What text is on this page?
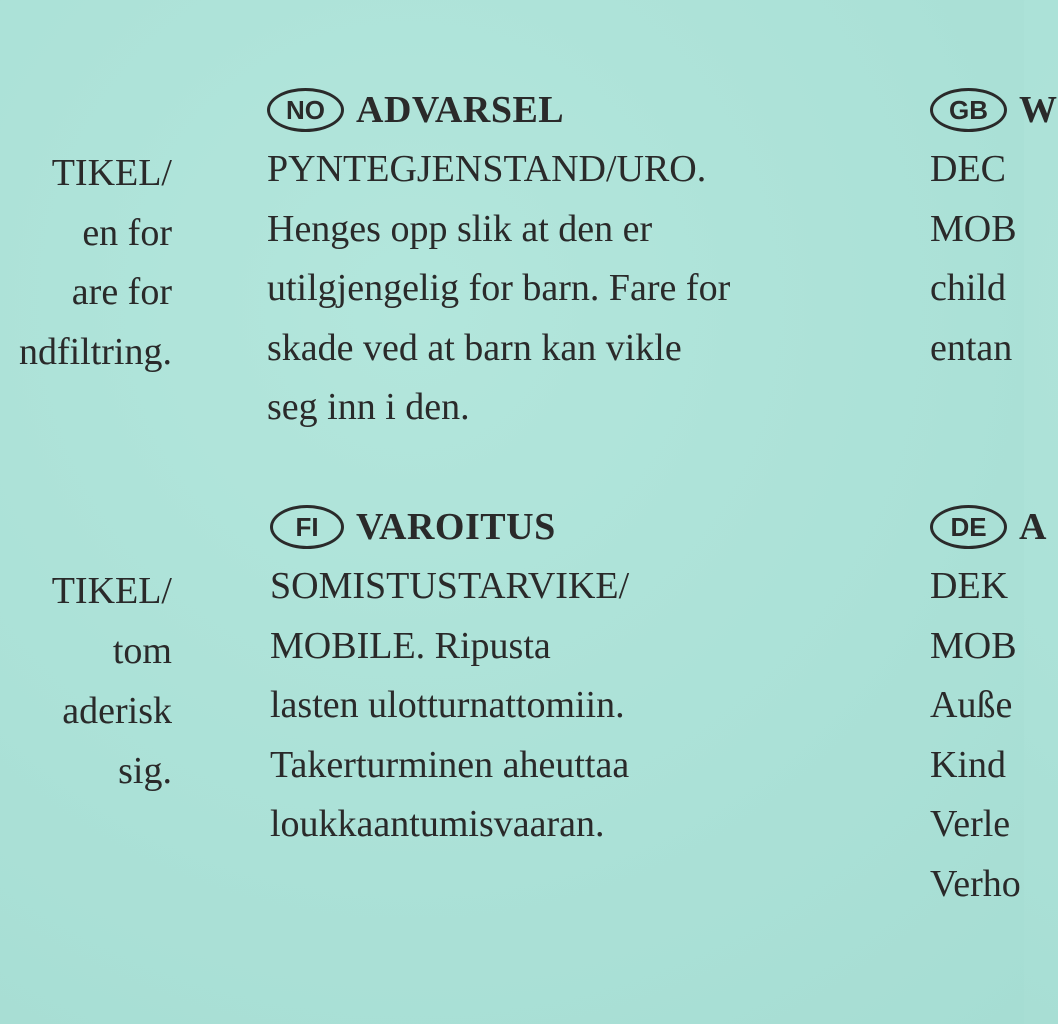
TIKEL/
en for
are for
ndfiltring.
TIKEL/
tom
aderisk
sig.
NO ADVARSEL
PYNTEGJENSTAND/URO.
Henges opp slik at den er
utilgjengelig for barn. Fare for
skade ved at barn kan vikle
seg inn i den.
FI VAROITUS
SOMISTUSTARVIKE/
MOBILE. Ripusta
lasten ulotturnattomiin.
Takerturminen aheuttaa
loukkaantumisvaaran.
GB W
DEC
MOB
child
entan
DE A
DEK
MOB
Auße
Kind
Verle
Verho
